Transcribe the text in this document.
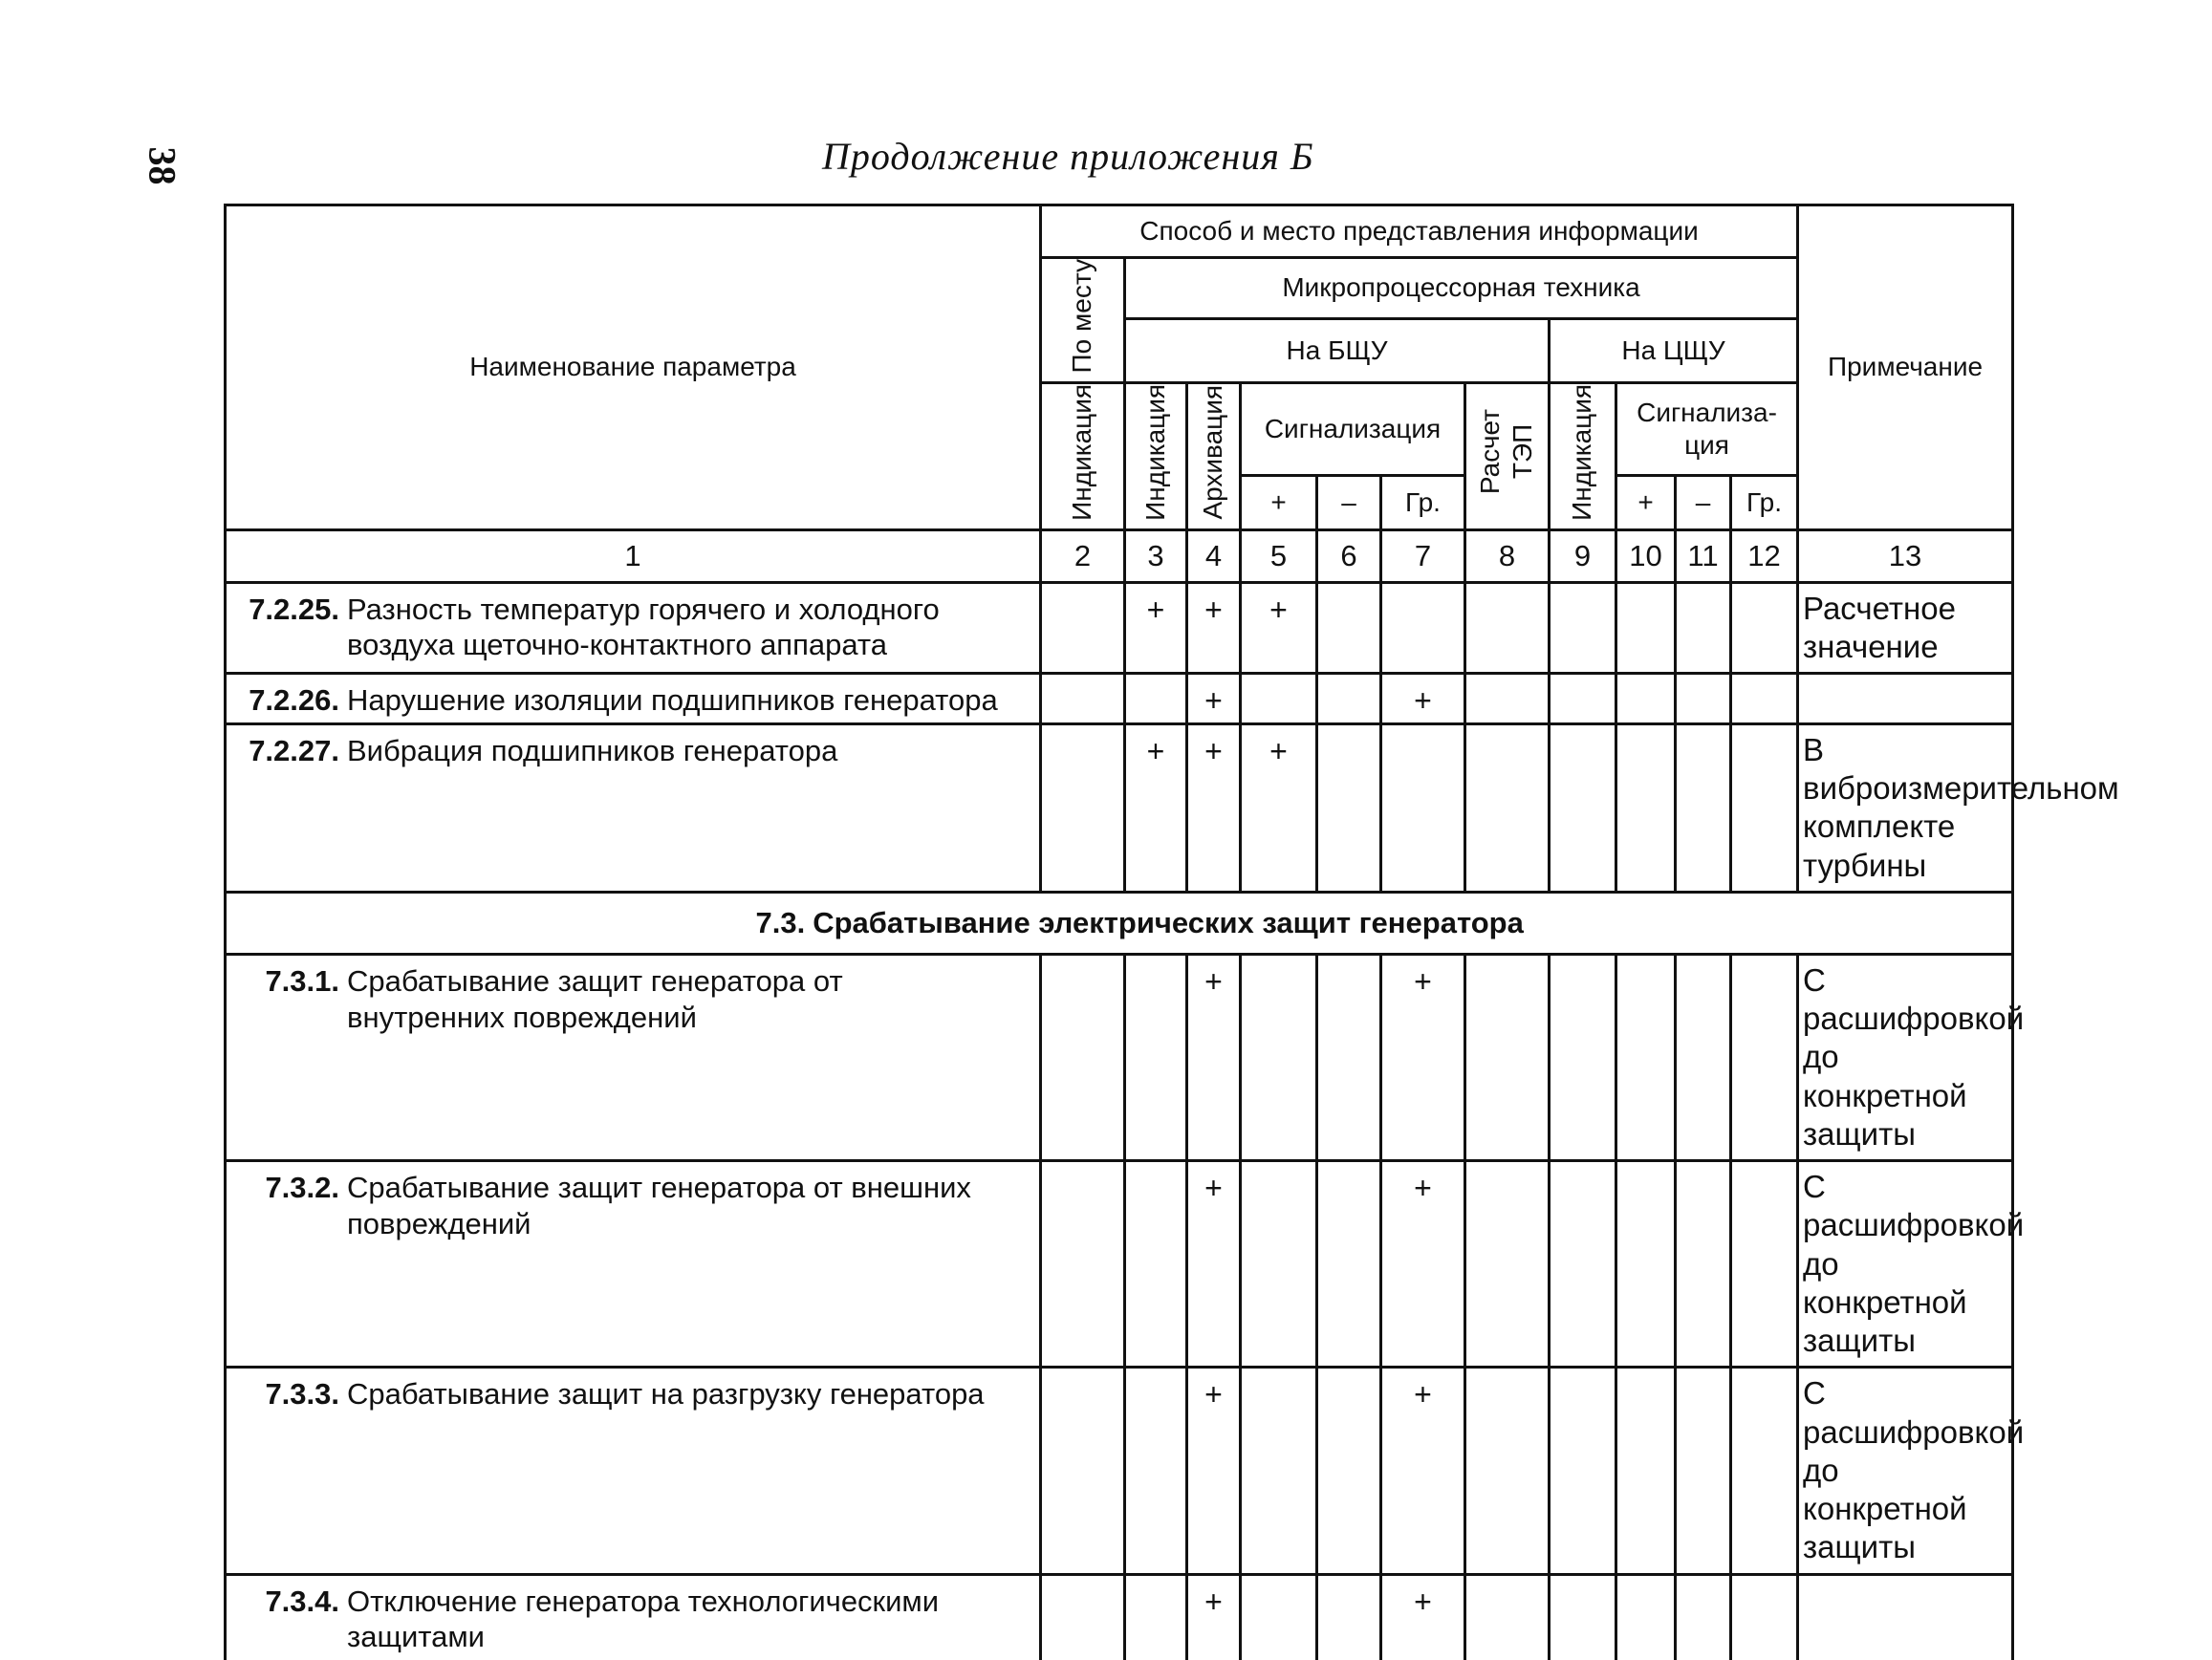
38	Продолжение приложения Б
Наименование параметра	Способ и место представления информации											Примечание
	По месту	Микропроцессорная техника										
		На БЩУ						На ЦЩУ				
	Индикация	Индикация	Архивация	Сигнализация			Расчет ТЭП	Индикация	Сигнализа-
ция			
				+	–	Гр.			+	–	Гр.	
1	2	3	4	5	6	7	8	9	10	11	12	13
7.2.25. Разность температур горячего и холодного воздуха щеточно-контактного аппарата		+	+	+								Расчетное значение
7.2.26. Нарушение изоляции подшипников генератора			+			+						
7.2.27. Вибрация подшипников генератора		+	+	+								В виброизмерительном комплекте турбины
7.3. Срабатывание электрических защит генератора												
7.3.1. Срабатывание защит генератора от внутренних повреждений			+			+						С расшифровкой до конкретной защиты
7.3.2. Срабатывание защит генератора от внешних повреждений			+			+						С расшифровкой до конкретной защиты
7.3.3. Срабатывание защит на разгрузку генератора			+			+						С расшифровкой до конкретной защиты
7.3.4. Отключение генератора технологическими защитами			+			+						
